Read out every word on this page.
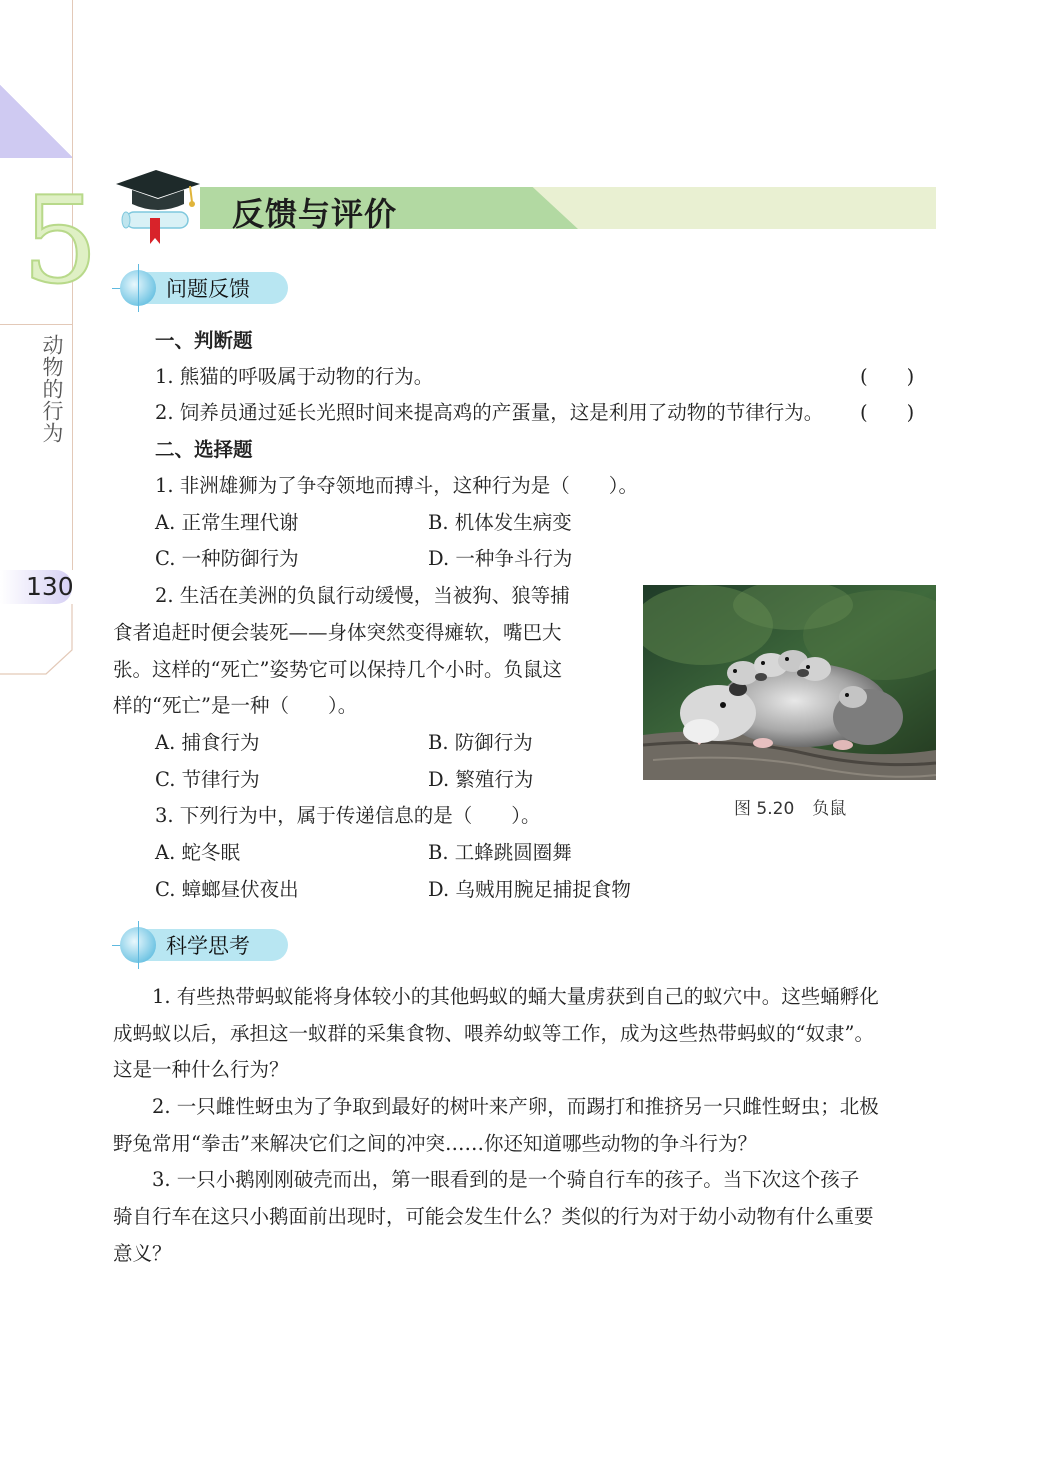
5
动物的行为
130
反馈与评价
问题反馈
一、判断题
1. 熊猫的呼吸属于动物的行为。	(　　)
2. 饲养员通过延长光照时间来提高鸡的产蛋量，这是利用了动物的节律行为。 (　　)
二、选择题
1. 非洲雄狮为了争夺领地而搏斗，这种行为是（　　）。
A. 正常生理代谢	B. 机体发生病变
C. 一种防御行为	D. 一种争斗行为
2. 生活在美洲的负鼠行动缓慢，当被狗、狼等捕
食者追赶时便会装死——身体突然变得瘫软，嘴巴大
张。这样的“死亡”姿势它可以保持几个小时。负鼠这
样的“死亡”是一种（　　）。
A. 捕食行为	B. 防御行为
C. 节律行为	D. 繁殖行为
3. 下列行为中，属于传递信息的是（　　）。
A. 蛇冬眠	B. 工蜂跳圆圈舞
C. 蟑螂昼伏夜出	D. 乌贼用腕足捕捉食物
图 5.20 负鼠
科学思考
　　1. 有些热带蚂蚁能将身体较小的其他蚂蚁的蛹大量虏获到自己的蚁穴中。这些蛹孵化
成蚂蚁以后，承担这一蚁群的采集食物、喂养幼蚁等工作，成为这些热带蚂蚁的“奴隶”。
这是一种什么行为？
　　2. 一只雌性蚜虫为了争取到最好的树叶来产卵，而踢打和推挤另一只雌性蚜虫；北极
野兔常用“拳击”来解决它们之间的冲突……你还知道哪些动物的争斗行为？
　　3. 一只小鹅刚刚破壳而出，第一眼看到的是一个骑自行车的孩子。当下次这个孩子
骑自行车在这只小鹅面前出现时，可能会发生什么？类似的行为对于幼小动物有什么重要
意义？
